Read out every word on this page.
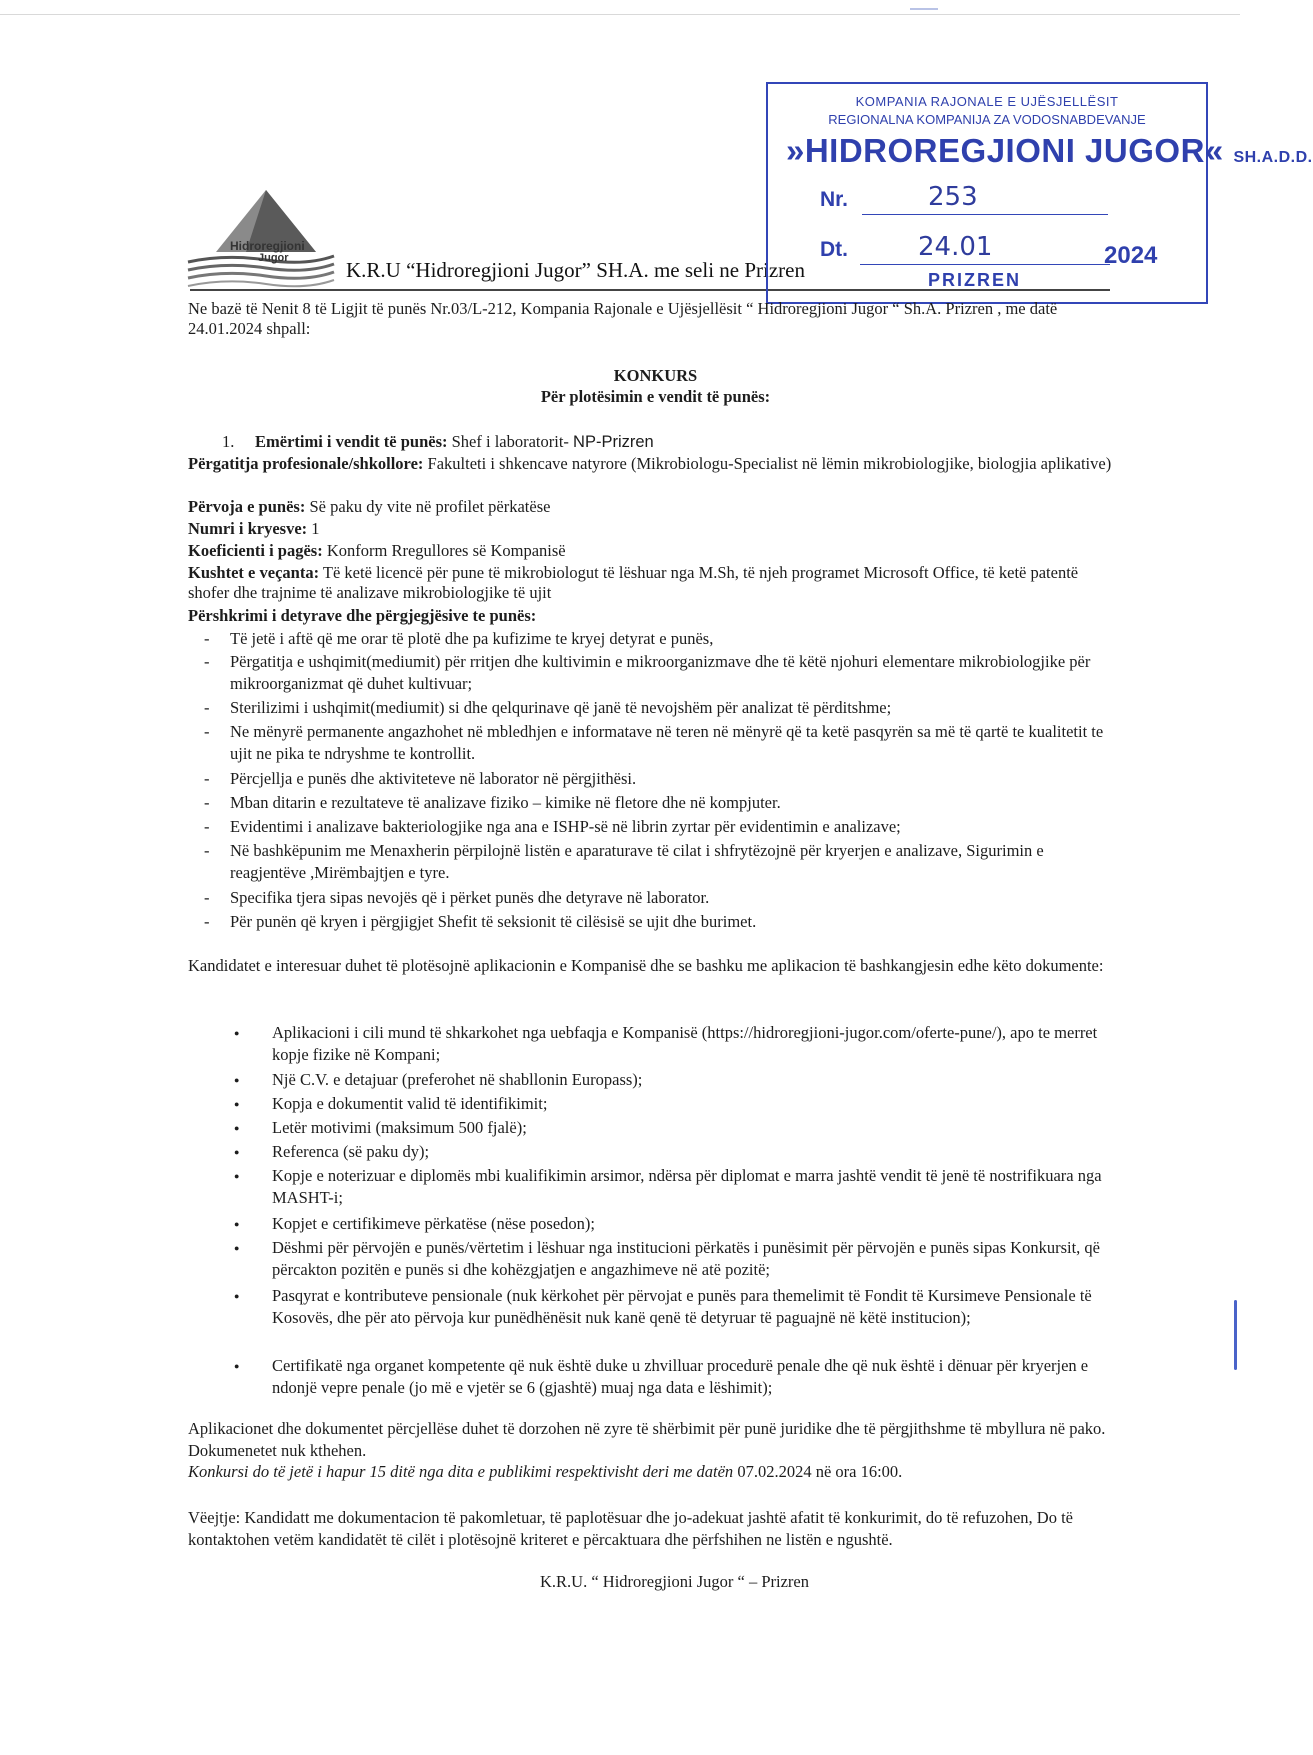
Hidroregjioni
Jugor	K.R.U “Hidroregjioni Jugor” SH.A. me seli ne Prizren
KOMPANIA RAJONALE E UJËSJELLËSIT
REGIONALNA KOMPANIJA ZA VODOSNABDEVANJE
»HIDROREGJIONI JUGOR« SH.A.D.D.
Nr.	253
Dt.	24.01	2024
PRIZREN
Ne bazë të Nenit 8 të Ligjit të punës Nr.03/L-212, Kompania Rajonale e Ujësjellësit “ Hidroregjioni Jugor “ Sh.A. Prizren , me datë 24.01.2024 shpall:
KONKURS
Për plotësimin e vendit të punës:
1. Emërtimi i vendit të punës: Shef i laboratorit- NP-Prizren
Përgatitja profesionale/shkollore: Fakulteti i shkencave natyrore (Mikrobiologu-Specialist në lëmin mikrobiologjike, biologjia aplikative)
Përvoja e punës: Së paku dy vite në profilet përkatëse
Numri i kryesve: 1
Koeficienti i pagës: Konform Rregullores së Kompanisë
Kushtet e veçanta: Të ketë licencë për pune të mikrobiologut të lëshuar nga M.Sh, të njeh programet Microsoft Office, të ketë patentë shofer dhe trajnime të analizave mikrobiologjike të ujit
Përshkrimi i detyrave dhe përgjegjësive te punës:
- Të jetë i aftë që me orar të plotë dhe pa kufizime te kryej detyrat e punës,
- Përgatitja e ushqimit(mediumit) për rritjen dhe kultivimin e mikroorganizmave dhe të këtë njohuri elementare mikrobiologjike për mikroorganizmat që duhet kultivuar;
- Sterilizimi i ushqimit(mediumit) si dhe qelqurinave që janë të nevojshëm për analizat të përditshme;
- Ne mënyrë permanente angazhohet në mbledhjen e informatave në teren në mënyrë që ta ketë pasqyrën sa më të qartë te kualitetit te ujit ne pika te ndryshme te kontrollit.
- Përcjellja e punës dhe aktiviteteve në laborator në përgjithësi.
- Mban ditarin e rezultateve të analizave fiziko – kimike në fletore dhe në kompjuter.
- Evidentimi i analizave bakteriologjike nga ana e ISHP-së në librin zyrtar për evidentimin e analizave;
- Në bashkëpunim me Menaxherin përpilojnë listën e aparaturave të cilat i shfrytëzojnë për kryerjen e analizave, Sigurimin e reagjentëve ,Mirëmbajtjen e tyre.
- Specifika tjera sipas nevojës që i përket punës dhe detyrave në laborator.
- Për punën që kryen i përgjigjet Shefit të seksionit të cilësisë se ujit dhe burimet.
Kandidatet e interesuar duhet të plotësojnë aplikacionin e Kompanisë dhe se bashku me aplikacion të bashkangjesin edhe këto dokumente:
● Aplikacioni i cili mund të shkarkohet nga uebfaqja e Kompanisë (https://hidroregjioni-jugor.com/oferte-pune/), apo te merret kopje fizike në Kompani;
● Një C.V. e detajuar (preferohet në shabllonin Europass);
● Kopja e dokumentit valid të identifikimit;
● Letër motivimi (maksimum 500 fjalë);
● Referenca (së paku dy);
● Kopje e noterizuar e diplomës mbi kualifikimin arsimor, ndërsa për diplomat e marra jashtë vendit të jenë të nostrifikuara nga MASHT-i;
● Kopjet e certifikimeve përkatëse (nëse posedon);
● Dëshmi për përvojën e punës/vërtetim i lëshuar nga institucioni përkatës i punësimit për përvojën e punës sipas Konkursit, që përcakton pozitën e punës si dhe kohëzgjatjen e angazhimeve në atë pozitë;
● Pasqyrat e kontributeve pensionale (nuk kërkohet për përvojat e punës para themelimit të Fondit të Kursimeve Pensionale të Kosovës, dhe për ato përvoja kur punëdhënësit nuk kanë qenë të detyruar të paguajnë në këtë institucion);
● Certifikatë nga organet kompetente që nuk është duke u zhvilluar procedurë penale dhe që nuk është i dënuar për kryerjen e ndonjë vepre penale (jo më e vjetër se 6 (gjashtë) muaj nga data e lëshimit);
Aplikacionet dhe dokumentet përcjellëse duhet të dorzohen në zyre të shërbimit për punë juridike dhe të përgjithshme të mbyllura në pako. Dokumenetet nuk kthehen.
Konkursi do të jetë i hapur 15 ditë nga dita e publikimi respektivisht deri me datën 07.02.2024 në ora 16:00.
Vëejtje: Kandidatt me dokumentacion të pakomletuar, të paplotësuar dhe jo-adekuat jashtë afatit të konkurimit, do të refuzohen, Do të kontaktohen vetëm kandidatët të cilët i plotësojnë kriteret e përcaktuara dhe përfshihen ne listën e ngushtë.
K.R.U. “ Hidroregjioni Jugor “ – Prizren
